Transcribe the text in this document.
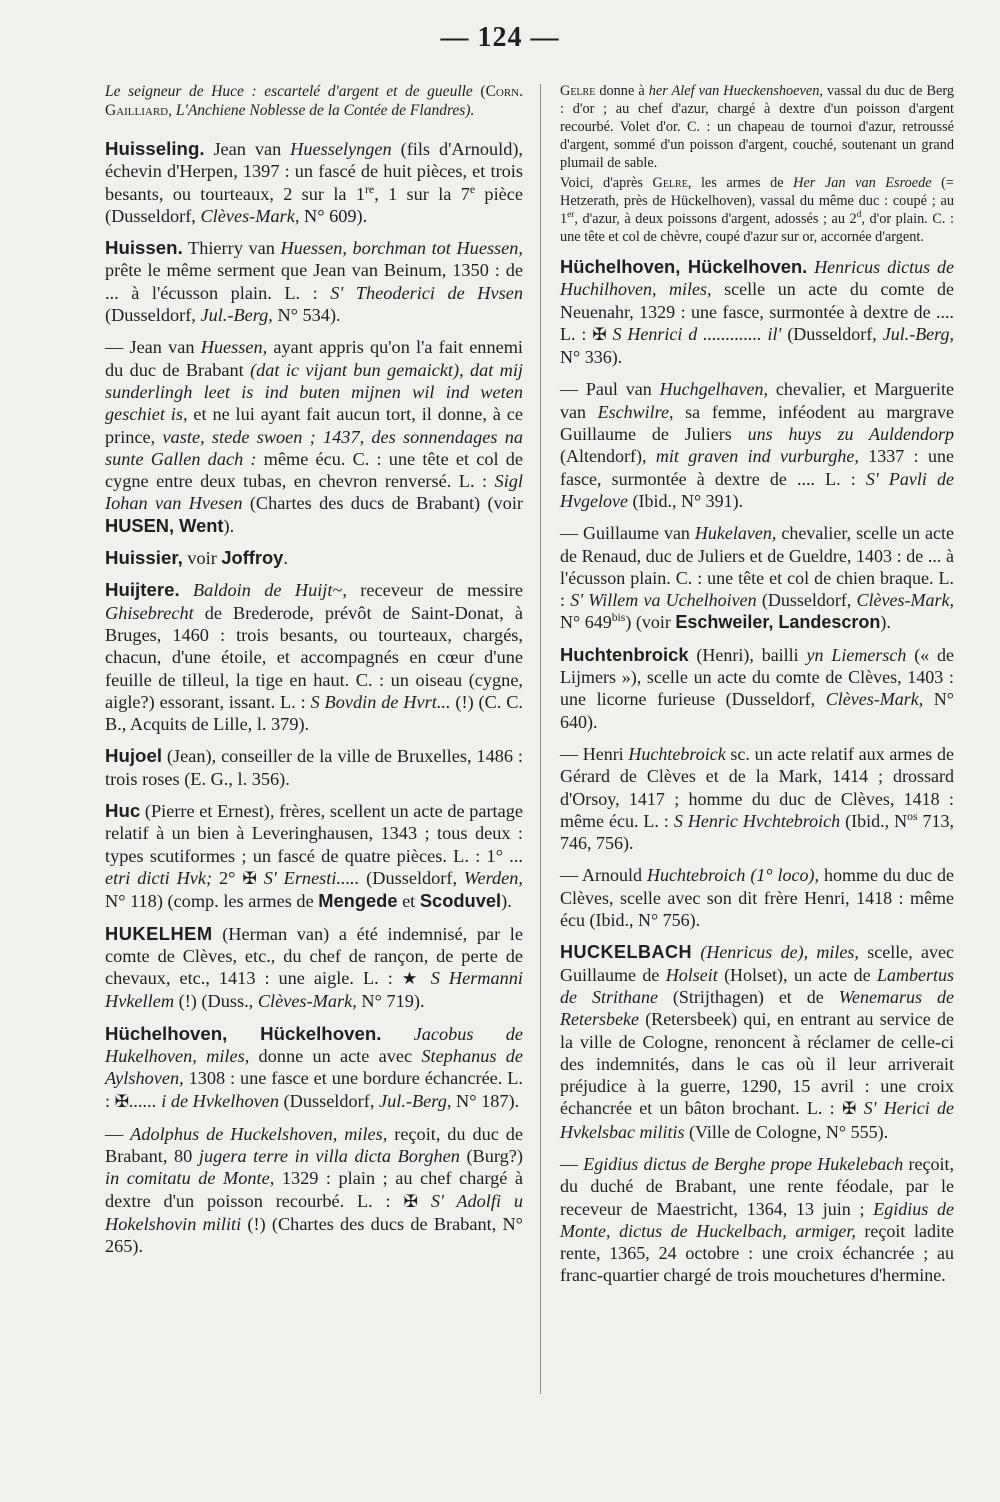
— 124 —

Le seigneur de Huce : escartelé d'argent et de gueulle (Corn. Gailliard, L'Anchiene Noblesse de la Contée de Flandres).

Huisseling. Jean van Huesselyngen (fils d'Arnould), échevin d'Herpen, 1397 : un fascé de huit pièces, et trois besants, ou tourteaux, 2 sur la 1re, 1 sur la 7e pièce (Dusseldorf, Clèves-Mark, N° 609).

Huissen. Thierry van Huessen, borchman tot Huessen, prête le même serment que Jean van Beinum, 1350 : de ... à l'écusson plain. L. : S' Theoderici de Hvsen (Dusseldorf, Jul.-Berg, N° 534).

— Jean van Huessen, ayant appris qu'on l'a fait ennemi du duc de Brabant (dat ic vijant bun gemaickt), dat mij sunderlingh leet is ind buten mijnen wil ind weten geschiet is, et ne lui ayant fait aucun tort, il donne, à ce prince, vaste, stede swoen ; 1437, des sonnendages na sunte Gallen dach : même écu. C. : une tête et col de cygne entre deux tubas, en chevron renversé. L. : Sigl Iohan van Hvesen (Chartes des ducs de Brabant) (voir HUSEN, Went).

Huissier, voir Joffroy.

Huijtere. Baldoin de Huijt~, receveur de messire Ghisebrecht de Brederode, prévôt de Saint-Donat, à Bruges, 1460 : trois besants, ou tourteaux, chargés, chacun, d'une étoile, et accompagnés en cœur d'une feuille de tilleul, la tige en haut. C. : un oiseau (cygne, aigle?) essorant, issant. L. : S Bovdin de Hvrt... (!) (C. C. B., Acquits de Lille, l. 379).

Hujoel (Jean), conseiller de la ville de Bruxelles, 1486 : trois roses (E. G., l. 356).

Huc (Pierre et Ernest), frères, scellent un acte de partage relatif à un bien à Leveringhausen, 1343 ; tous deux : types scutiformes ; un fascé de quatre pièces. L. : 1° ... etri dicti Hvk; 2° ✠ S' Ernesti..... (Dusseldorf, Werden, N° 118) (comp. les armes de Mengede et Scoduvel).

HUKELHEM (Herman van) a été indemnisé, par le comte de Clèves, etc., du chef de rançon, de perte de chevaux, etc., 1413 : une aigle. L. : ★ S Hermanni Hvkellem (!) (Duss., Clèves-Mark, N° 719).

Hüchelhoven, Hückelhoven. Jacobus de Hukelhoven, miles, donne un acte avec Stephanus de Aylshoven, 1308 : une fasce et une bordure échancrée. L. : ✠...... i de Hvkelhoven (Dusseldorf, Jul.-Berg, N° 187).

— Adolphus de Huckelshoven, miles, reçoit, du duc de Brabant, 80 jugera terre in villa dicta Borghen (Burg?) in comitatu de Monte, 1329 : plain ; au chef chargé à dextre d'un poisson recourbé. L. : ✠ S' Adolfi u Hokelshovin militi (!) (Chartes des ducs de Brabant, N° 265).

Gelre donne à her Alef van Hueckenshoeven, vassal du duc de Berg : d'or ; au chef d'azur, chargé à dextre d'un poisson d'argent recourbé. Volet d'or. C. : un chapeau de tournoi d'azur, retroussé d'argent, sommé d'un poisson d'argent, couché, soutenant un grand plumail de sable.

Voici, d'après Gelre, les armes de Her Jan van Esroede (= Hetzerath, près de Hückelhoven), vassal du même duc : coupé ; au 1er, d'azur, à deux poissons d'argent, adossés ; au 2$^d$, d'or plain. C. : une tête et col de chèvre, coupé d'azur sur or, accornée d'argent.

Hüchelhoven, Hückelhoven. Henricus dictus de Huchilhoven, miles, scelle un acte du comte de Neuenahr, 1329 : une fasce, surmontée à dextre de .... L. : ✠ S Henrici d ............. il' (Dusseldorf, Jul.-Berg, N° 336).

— Paul van Huchgelhaven, chevalier, et Marguerite van Eschwilre, sa femme, inféodent au margrave Guillaume de Juliers uns huys zu Auldendorp (Altendorf), mit graven ind vurburghe, 1337 : une fasce, surmontée à dextre de .... L. : S' Pavli de Hvgelove (Ibid., N° 391).

— Guillaume van Hukelaven, chevalier, scelle un acte de Renaud, duc de Juliers et de Gueldre, 1403 : de ... à l'écusson plain. C. : une tête et col de chien braque. L. : S' Willem va Uchelhoiven (Dusseldorf, Clèves-Mark, N° $649^{bis}$) (voir Eschweiler, Landescron).

Huchtenbroick (Henri), bailli yn Liemersch (« de Lijmers »), scelle un acte du comte de Clèves, 1403 : une licorne furieuse (Dusseldorf, Clèves-Mark, N° 640).

— Henri Huchtebroick sc. un acte relatif aux armes de Gérard de Clèves et de la Mark, 1414 ; drossard d'Orsoy, 1417 ; homme du duc de Clèves, 1418 : même écu. L. : S Henric Hvchtebroich (Ibid., $N^{os}$ 713, 746, 756).

— Arnould Huchtebroich (1° loco), homme du duc de Clèves, scelle avec son dit frère Henri, 1418 : même écu (Ibid., N° 756).

HUCKELBACH (Henricus de), miles, scelle, avec Guillaume de Holseit (Holset), un acte de Lambertus de Strithane (Strijthagen) et de Wenemarus de Retersbeke (Retersbeek) qui, en entrant au service de la ville de Cologne, renoncent à réclamer de celle-ci des indemnités, dans le cas où il leur arriverait préjudice à la guerre, 1290, 15 avril : une croix échancrée et un bâton brochant. L. : ✠ S' Herici de Hvkelsbac militis (Ville de Cologne, N° 555).

— Egidius dictus de Berghe prope Hukelebach reçoit, du duché de Brabant, une rente féodale, par le receveur de Maestricht, 1364, 13 juin ; Egidius de Monte, dictus de Huckelbach, armiger, reçoit ladite rente, 1365, 24 octobre : une croix échancrée ; au franc-quartier chargé de trois mouchetures d'hermine.
